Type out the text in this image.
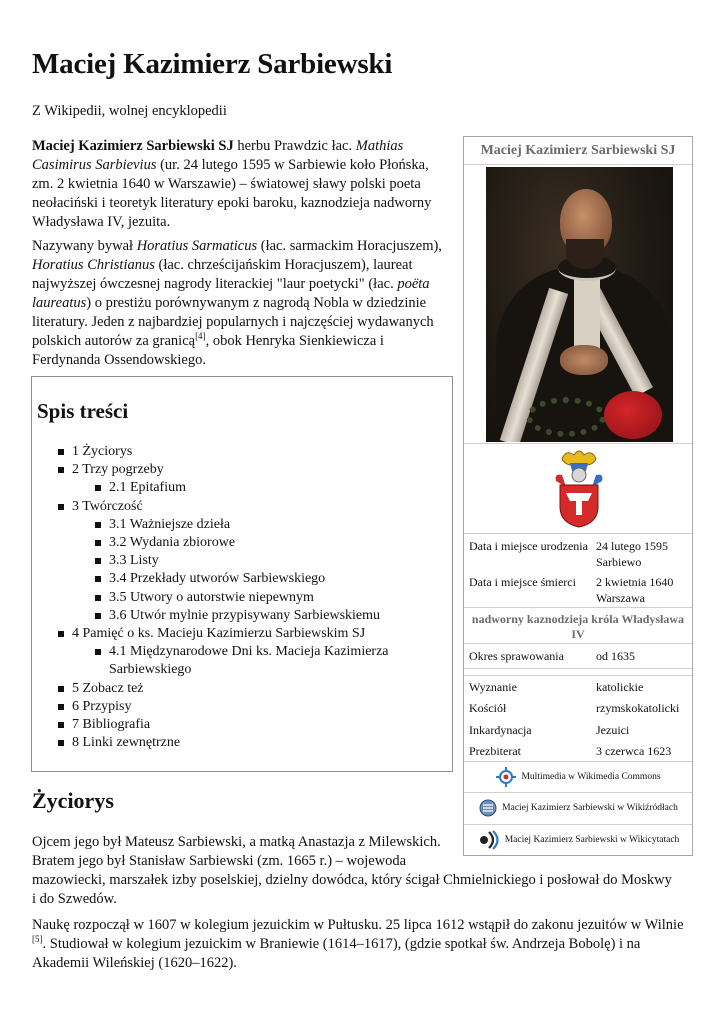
Maciej Kazimierz Sarbiewski
Z Wikipedii, wolnej encyklopedii

Maciej Kazimierz Sarbiewski SJ herbu Prawdzic łac. Mathias Casimirus Sarbievius (ur. 24 lutego 1595 w Sarbiewie koło Płońska, zm. 2 kwietnia 1640 w Warszawie) – światowej sławy polski poeta neołaciński i teoretyk literatury epoki baroku, kaznodzieja nadworny Władysława IV, jezuita.

Nazywany bywał Horatius Sarmaticus (łac. sarmackim Horacjuszem), Horatius Christianus (łac. chrześcijańskim Horacjuszem), laureat najwyższej ówczesnej nagrody literackiej "laur poetycki" (łac. poëta laureatus) o prestiżu porównywanym z nagrodą Nobla w dziedzinie literatury. Jeden z najbardziej popularnych i najczęściej wydawanych polskich autorów za granicą[4], obok Henryka Sienkiewicza i Ferdynanda Ossendowskiego.

Spis treści
1 Życiorys
2 Trzy pogrzeby
2.1 Epitafium
3 Twórczość
3.1 Ważniejsze dzieła
3.2 Wydania zbiorowe
3.3 Listy
3.4 Przekłady utworów Sarbiewskiego
3.5 Utwory o autorstwie niepewnym
3.6 Utwór mylnie przypisywany Sarbiewskiemu
4 Pamięć o ks. Macieju Kazimierzu Sarbiewskim SJ
4.1 Międzynarodowe Dni ks. Macieja Kazimierza Sarbiewskiego
5 Zobacz też
6 Przypisy
7 Bibliografia
8 Linki zewnętrzne
Życiorys

Ojcem jego był Mateusz Sarbiewski, a matką Anastazja z Milewskich. Bratem jego był Stanisław Sarbiewski (zm. 1665 r.) – wojewoda
mazowiecki, marszałek izby poselskiej, dzielny dowódca, który ścigał Chmielnickiego i posłował do Moskwy i do Szwedów.

Naukę rozpoczął w 1607 w kolegium jezuickim w Pułtusku. 25 lipca 1612 wstąpił do zakonu jezuitów w Wilnie [5]. Studiował w kolegium jezuickim w Braniewie (1614–1617), (gdzie spotkał św. Andrzeja Bobolę) i na Akademii Wileńskiej (1620–1622).

Maciej Kazimierz Sarbiewski SJ
Data i miejsce urodzenia 24 lutego 1595 Sarbiewo
Data i miejsce śmierci	2 kwietnia 1640 Warszawa
nadworny kaznodzieja króla Władysława IV
Okres sprawowania	od 1635
Wyznanie	katolickie
Kościół	rzymskokatolicki
Inkardynacja	Jezuici
Prezbiterat	3 czerwca 1623
Multimedia w Wikimedia Commons
Maciej Kazimierz Sarbiewski w Wikiźródłach
Maciej Kazimierz Sarbiewski w Wikicytatach
